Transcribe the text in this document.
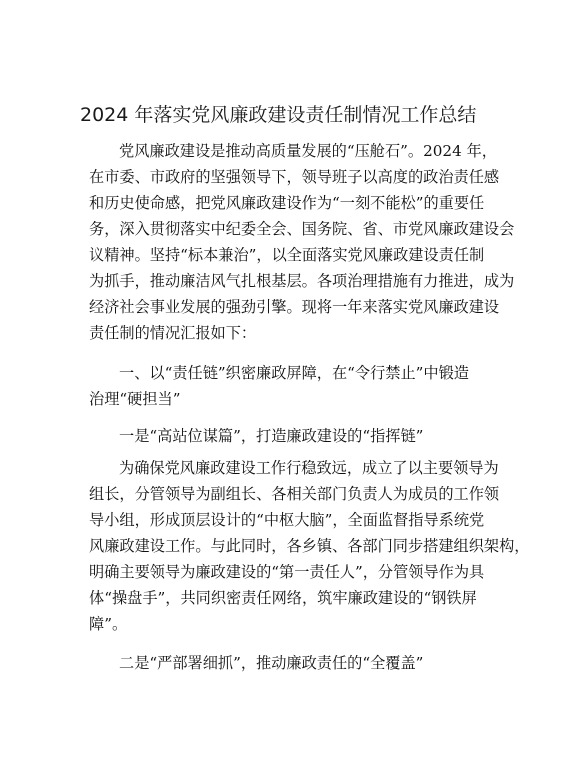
2024 年落实党风廉政建设责任制情况工作总结
党风廉政建设是推动高质量发展的“压舱石”。2024 年，
在市委、市政府的坚强领导下，领导班子以高度的政治责任感
和历史使命感，把党风廉政建设作为“一刻不能松”的重要任
务，深入贯彻落实中纪委全会、国务院、省、市党风廉政建设会
议精神。坚持“标本兼治”，以全面落实党风廉政建设责任制
为抓手，推动廉洁风气扎根基层。各项治理措施有力推进，成为
经济社会事业发展的强劲引擎。现将一年来落实党风廉政建设
责任制的情况汇报如下：
一、以“责任链”织密廉政屏障，在“令行禁止”中锻造
治理“硬担当”
一是“高站位谋篇”，打造廉政建设的“指挥链”
为确保党风廉政建设工作行稳致远，成立了以主要领导为
组长，分管领导为副组长、各相关部门负责人为成员的工作领
导小组，形成顶层设计的“中枢大脑”，全面监督指导系统党
风廉政建设工作。与此同时，各乡镇、各部门同步搭建组织架构，
明确主要领导为廉政建设的“第一责任人”，分管领导作为具
体“操盘手”，共同织密责任网络，筑牢廉政建设的“钢铁屏
障”。
二是“严部署细抓”，推动廉政责任的“全覆盖”
